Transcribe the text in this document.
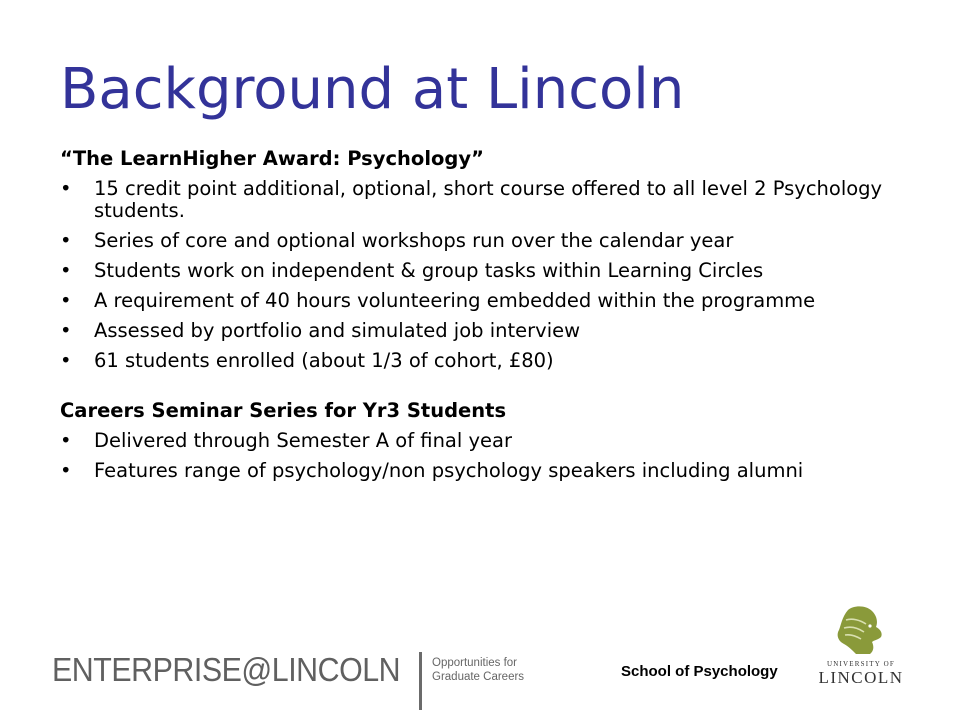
Background at Lincoln

“The LearnHigher Award: Psychology”

•	15 credit point additional, optional, short course offered to all level 2 Psychology students.
•	Series of core and optional workshops run over the calendar year
•	Students work on independent & group tasks within Learning Circles
•	A requirement of 40 hours volunteering embedded within the programme
•	Assessed by portfolio and simulated job interview
•	61 students enrolled (about 1/3 of cohort, £80)

Careers Seminar Series for Yr3 Students

•	Delivered through Semester A of final year
•	Features range of psychology/non psychology speakers including alumni
ENTERPRISE@LINCOLN	Opportunities for
Graduate Careers	School of Psychology	UNIVERSITY OF
LINCOLN
